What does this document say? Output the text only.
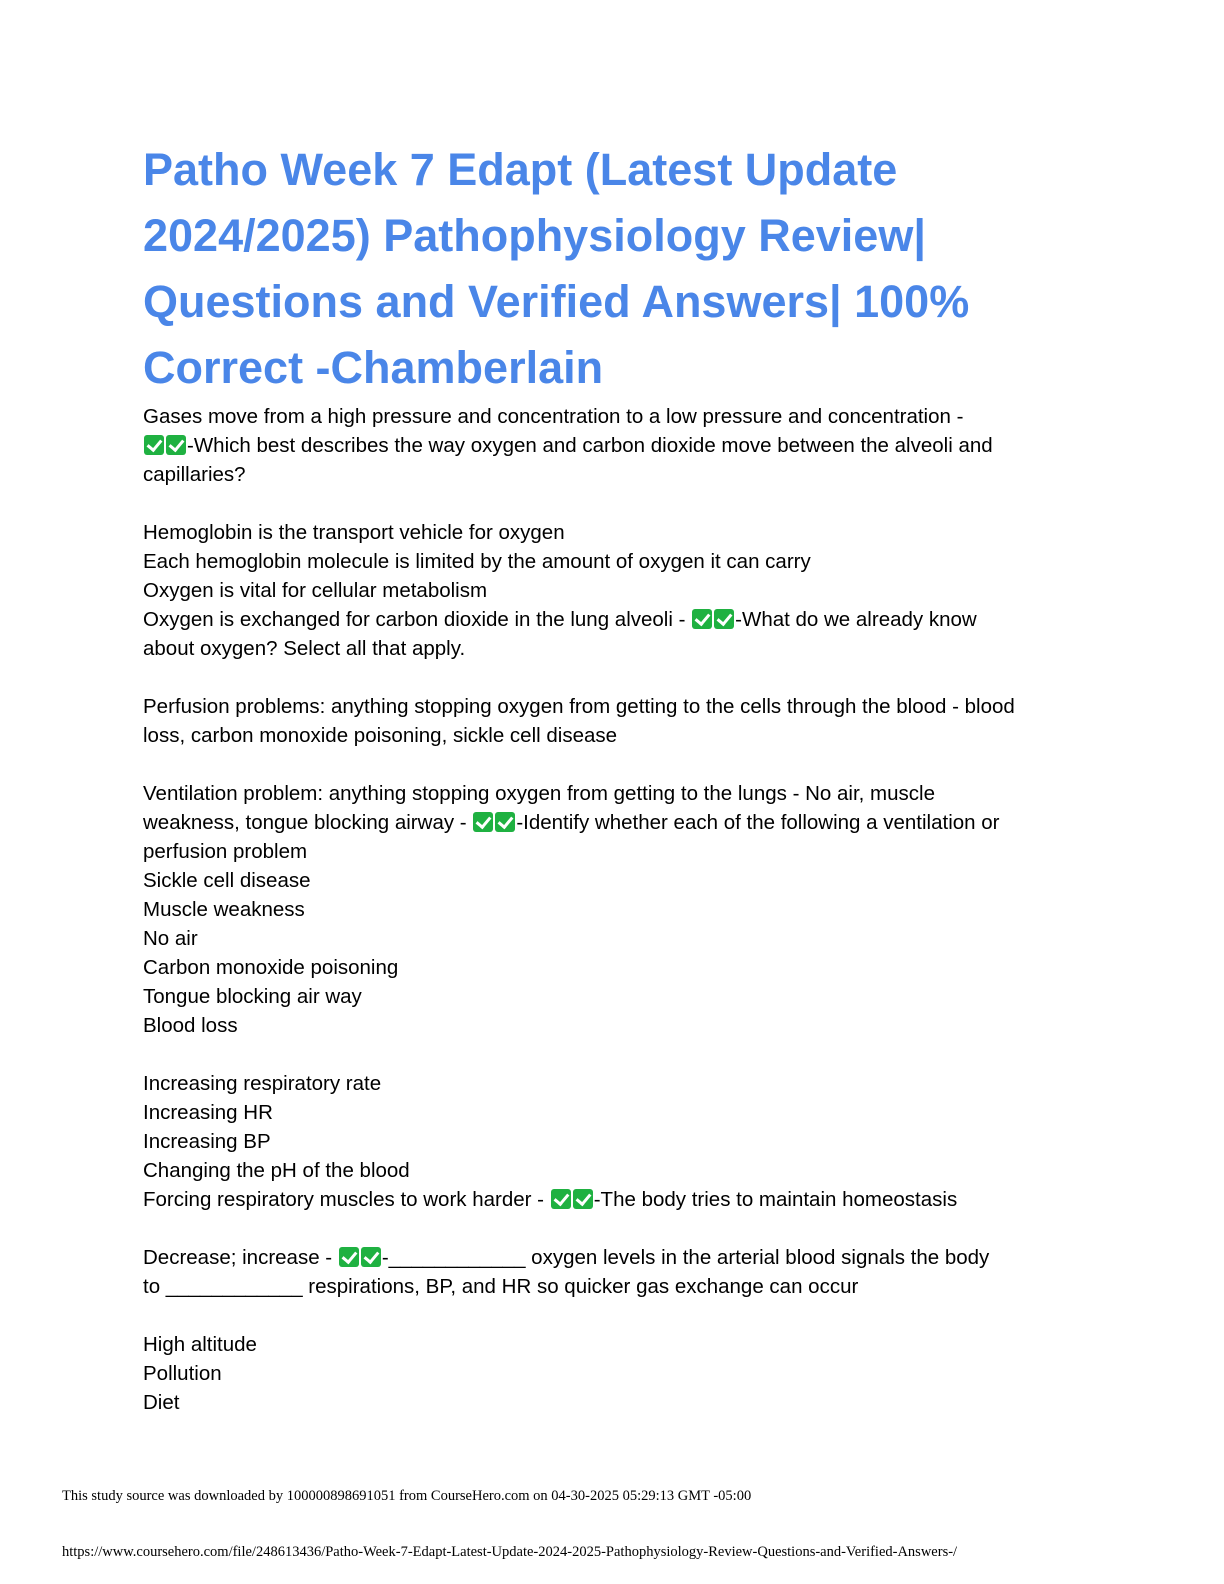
Patho Week 7 Edapt (Latest Update
2024/2025) Pathophysiology Review|
Questions and Verified Answers| 100%
Correct -Chamberlain
Gases move from a high pressure and concentration to a low pressure and concentration -
-Which best describes the way oxygen and carbon dioxide move between the alveoli and
capillaries?
Hemoglobin is the transport vehicle for oxygen
Each hemoglobin molecule is limited by the amount of oxygen it can carry
Oxygen is vital for cellular metabolism
Oxygen is exchanged for carbon dioxide in the lung alveoli - -What do we already know
about oxygen? Select all that apply.
Perfusion problems: anything stopping oxygen from getting to the cells through the blood - blood
loss, carbon monoxide poisoning, sickle cell disease
Ventilation problem: anything stopping oxygen from getting to the lungs - No air, muscle
weakness, tongue blocking airway - -Identify whether each of the following a ventilation or
perfusion problem
Sickle cell disease
Muscle weakness
No air
Carbon monoxide poisoning
Tongue blocking air way
Blood loss
Increasing respiratory rate
Increasing HR
Increasing BP
Changing the pH of the blood
Forcing respiratory muscles to work harder - -The body tries to maintain homeostasis
Decrease; increase - -____________ oxygen levels in the arterial blood signals the body
to ____________ respirations, BP, and HR so quicker gas exchange can occur
High altitude
Pollution
Diet
This study source was downloaded by 100000898691051 from CourseHero.com on 04-30-2025 05:29:13 GMT -05:00
https://www.coursehero.com/file/248613436/Patho-Week-7-Edapt-Latest-Update-2024-2025-Pathophysiology-Review-Questions-and-Verified-Answers-/
